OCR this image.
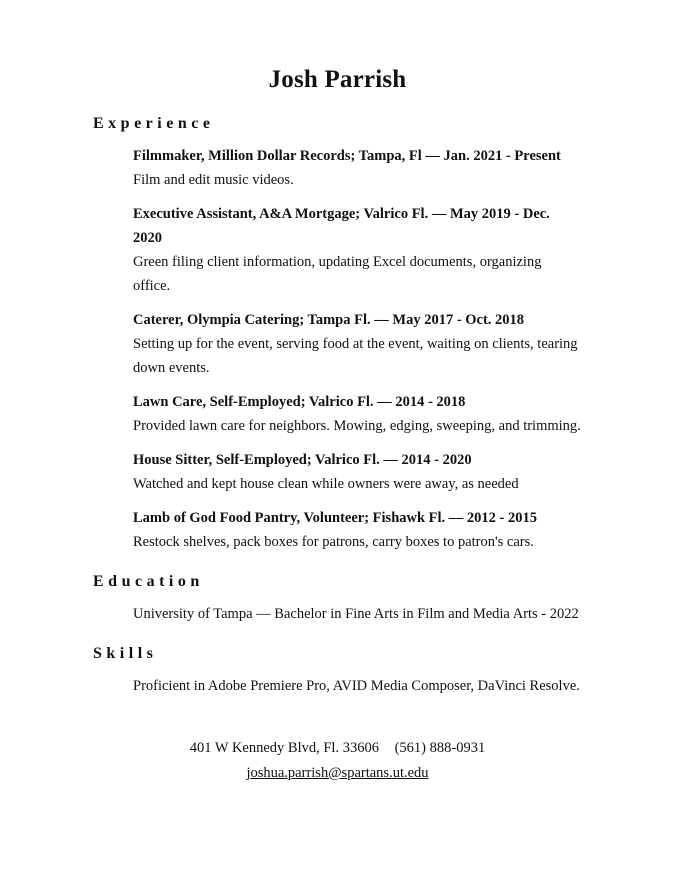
Josh Parrish
Experience

Filmmaker, Million Dollar Records; Tampa, Fl — Jan. 2021 - Present

Film and edit music videos.

Executive Assistant, A&A Mortgage; Valrico Fl. — May 2019 - Dec. 2020

Green filing client information, updating Excel documents, organizing office.

Caterer, Olympia Catering; Tampa Fl. — May 2017 - Oct. 2018

Setting up for the event, serving food at the event, waiting on clients, tearing down events.

Lawn Care, Self-Employed; Valrico Fl. — 2014 - 2018

Provided lawn care for neighbors. Mowing, edging, sweeping, and trimming.

House Sitter, Self-Employed; Valrico Fl. — 2014 - 2020

Watched and kept house clean while owners were away, as needed

Lamb of God Food Pantry, Volunteer; Fishawk Fl. — 2012 - 2015

Restock shelves, pack boxes for patrons, carry boxes to patron's cars.

Education

University of Tampa — Bachelor in Fine Arts in Film and Media Arts - 2022

Skills

Proficient in Adobe Premiere Pro, AVID Media Composer, DaVinci Resolve.

401 W Kennedy Blvd, Fl. 33606 (561) 888-0931
joshua.parrish@spartans.ut.edu
